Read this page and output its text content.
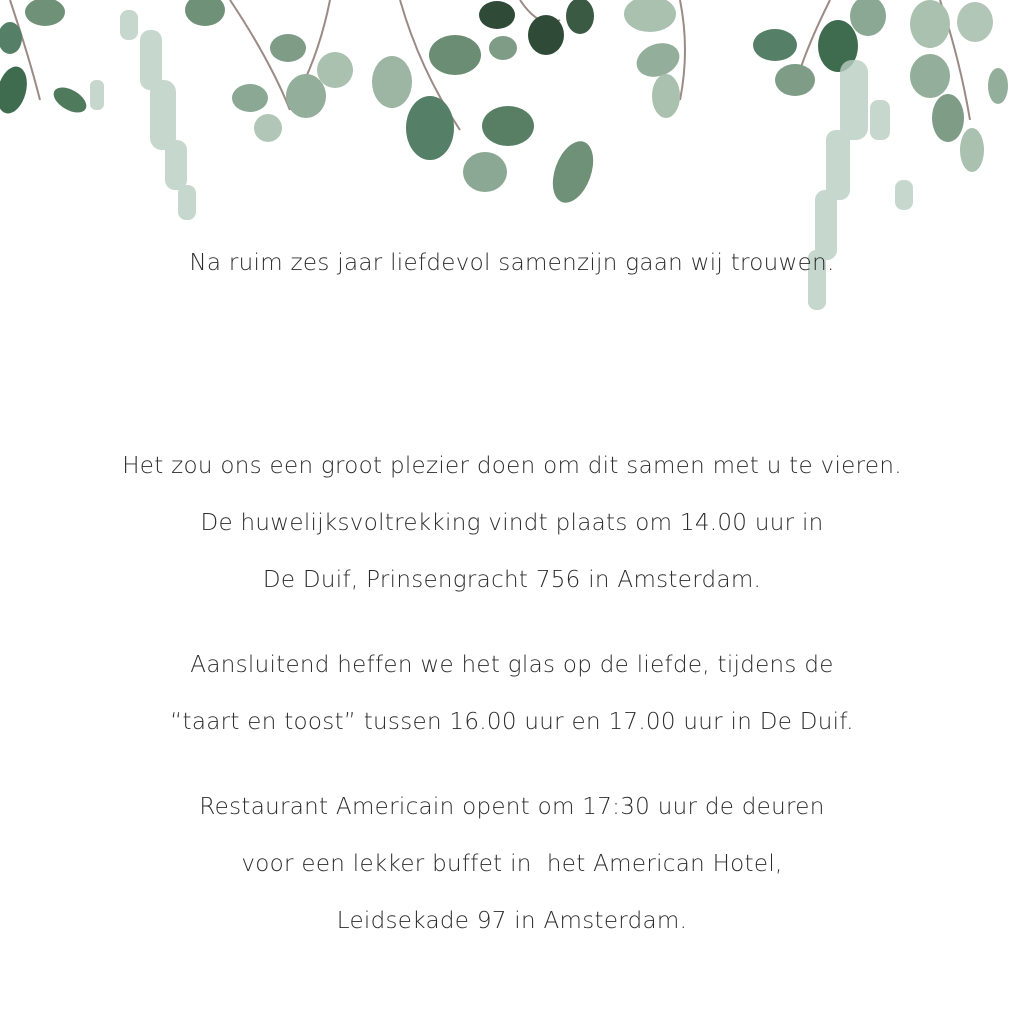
Na ruim zes jaar liefdevol samenzijn gaan wij trouwen.
Het zou ons een groot plezier doen om dit samen met u te vieren.
De huwelijksvoltrekking vindt plaats om 14.00 uur in
De Duif, Prinsengracht 756 in Amsterdam.
Aansluitend heffen we het glas op de liefde, tijdens de
“taart en toost” tussen 16.00 uur en 17.00 uur in De Duif.
Restaurant Americain opent om 17:30 uur de deuren
voor een lekker buffet in  het American Hotel,
Leidsekade 97 in Amsterdam.
